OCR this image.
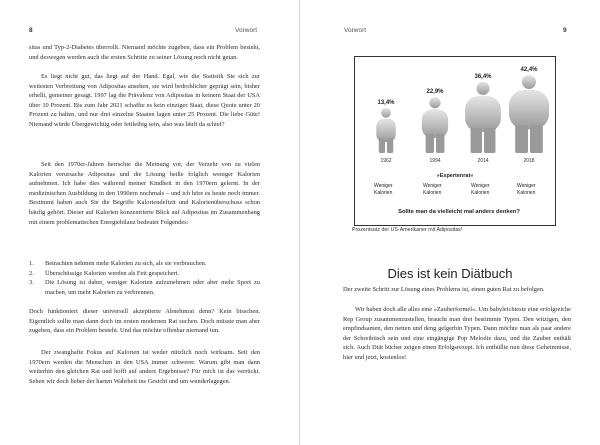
8	Vorwort

sitas und Typ-2-Diabetes überrollt. Niemand möchte zugeben, dass ein Problem besteht, und deswegen werden auch die ersten Schritte zu seiner Lösung noch nicht getan.

Es liegt nicht gut, das liegt auf der Hand. Egal, wie die Statistik Sie sich zur weitesten Verbreitung von Adipositas ansehen, sie wird bedrohlicher geprägt sein, bisher erhellt, gemeiner gesagt. 1997 lag die Prävalenz von Adipositas in keinem Staat der USA über 10 Prozent. Bis zum Jahr 2021 schaffte es kein einziger Staat, diese Quote unter 20 Prozent zu halten, und nur drei einzelne Staaten lagen unter 25 Prozent. Die liebe Güte! Niemand würde Übergewichtig oder fettleibig sein, also was läuft da schief?

Seit den 1970er-Jahren herrschte die Meinung vor, der Verzehr von zu vielen Kalorien verursache Adipositas und die Lösung heiße folglich weniger Kalorien aufnehmen. Ich habe dies während meiner Kindheit in den 1970ern gelernt. In der medizinischen Ausbildung in den 1990ern nochmals – und ich höre es heute noch immer. Bestimmt haben auch Sie die Begriffe Kaloriendefizit und Kalorienüberschuss schon häufig gehört. Dieser auf Kalorien konzentrierte Blick auf Adipositas im Zusammenhang mit einem problematischen Energiebilanz bedeutet Folgendes:

1. Betrachten nehmen mehr Kalorien zu sich, als sie verbrauchen.
2. Überschüssige Kalorien werden als Fett gespeichert.
3. Die Lösung ist daher, weniger Kalorien aufzunehmen oder aber mehr Sport zu machen, um mehr Kalorien zu verbrennen.

Doch funktioniert dieser universell akzeptierte Abnehmrat denn? Kein bisschen. Eigentlich sollte man dann doch im ersten modernen Rat suchen. Doch müsste man aber zugeben, dass ein Problem besteht. Und das möchte offenbar niemand tun.

Der zwanghafte Fokus auf Kalorien ist weder nützlich noch wirksam. Seit den 1970ern werden die Menschen in den USA immer schwerer. Warum gibt man dann weiterhin den gleichen Rat und hofft auf andere Ergebnisse? Für mich ist das verrückt. Sehen wir doch lieber der harten Wahrheit ins Gesicht und um wunderlagegen.

Vorwort	9
13,4%
1962
22,9%
1994
36,4%
2014
42,4%
2018
»Expertenrat«
Weniger
Kalorien
Weniger
Kalorien
Weniger
Kalorien
Weniger
Kalorien
Sollte man da vielleicht mal anders denken?
Prozentsatz der US-Amerikaner mit Adipositas¹
Dies ist kein Diätbuch

Der zweite Schritt zur Lösung eines Problems ist, einen guten Rat zu befolgen.

Wir haben doch alle alles eine »Zauberformel«. Um babyleichteste eine erfolgreiche Rep Group zusammenzustellen, braucht man drei bestimmte Typen. Den witzigen, den empfindsamen, den netten und deng gelgerbin Typen. Dann möchte man als paar andere der Schreibtisch sein und eine eingängige Pop Melodie dazu, und die Zauber enthält sich. Auch Diät bücher zeigen einen Erfolgsrezept. Ich enthüllte nun diese Geheimnisse, hier und jetzt, kostenlos!
